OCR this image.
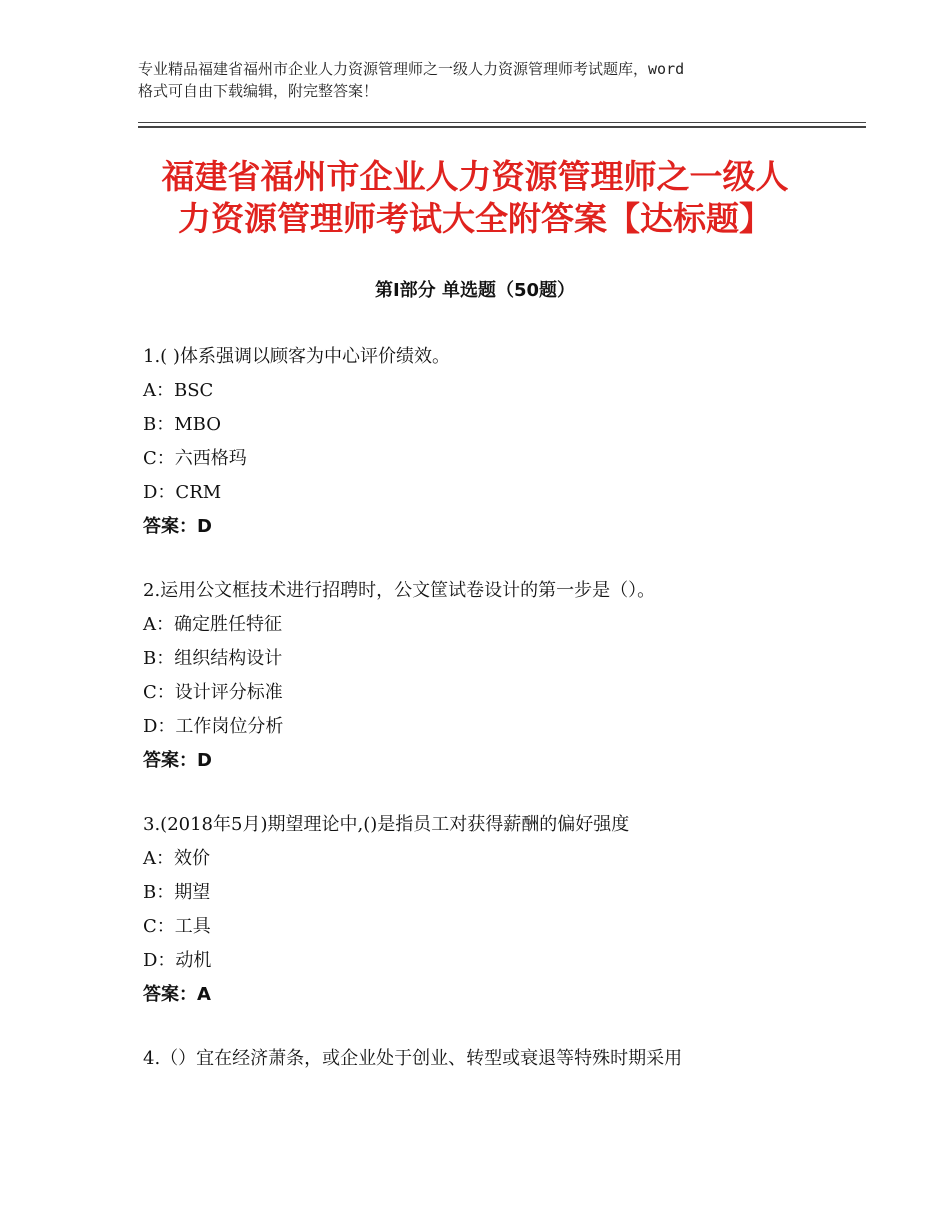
专业精品福建省福州市企业人力资源管理师之一级人力资源管理师考试题库，word
格式可自由下载编辑，附完整答案！
福建省福州市企业人力资源管理师之一级人
力资源管理师考试大全附答案【达标题】
第Ⅰ部分 单选题（50题）
1.( )体系强调以顾客为中心评价绩效。
A：BSC
B：MBO
C：六西格玛
D：CRM
答案：D
2.运用公文框技术进行招聘时，公文筐试卷设计的第一步是（）。
A：确定胜任特征
B：组织结构设计
C：设计评分标准
D：工作岗位分析
答案：D
3.(2018年5月)期望理论中,()是指员工对获得薪酬的偏好强度
A：效价
B：期望
C：工具
D：动机
答案：A
4.（）宜在经济萧条，或企业处于创业、转型或衰退等特殊时期采用
